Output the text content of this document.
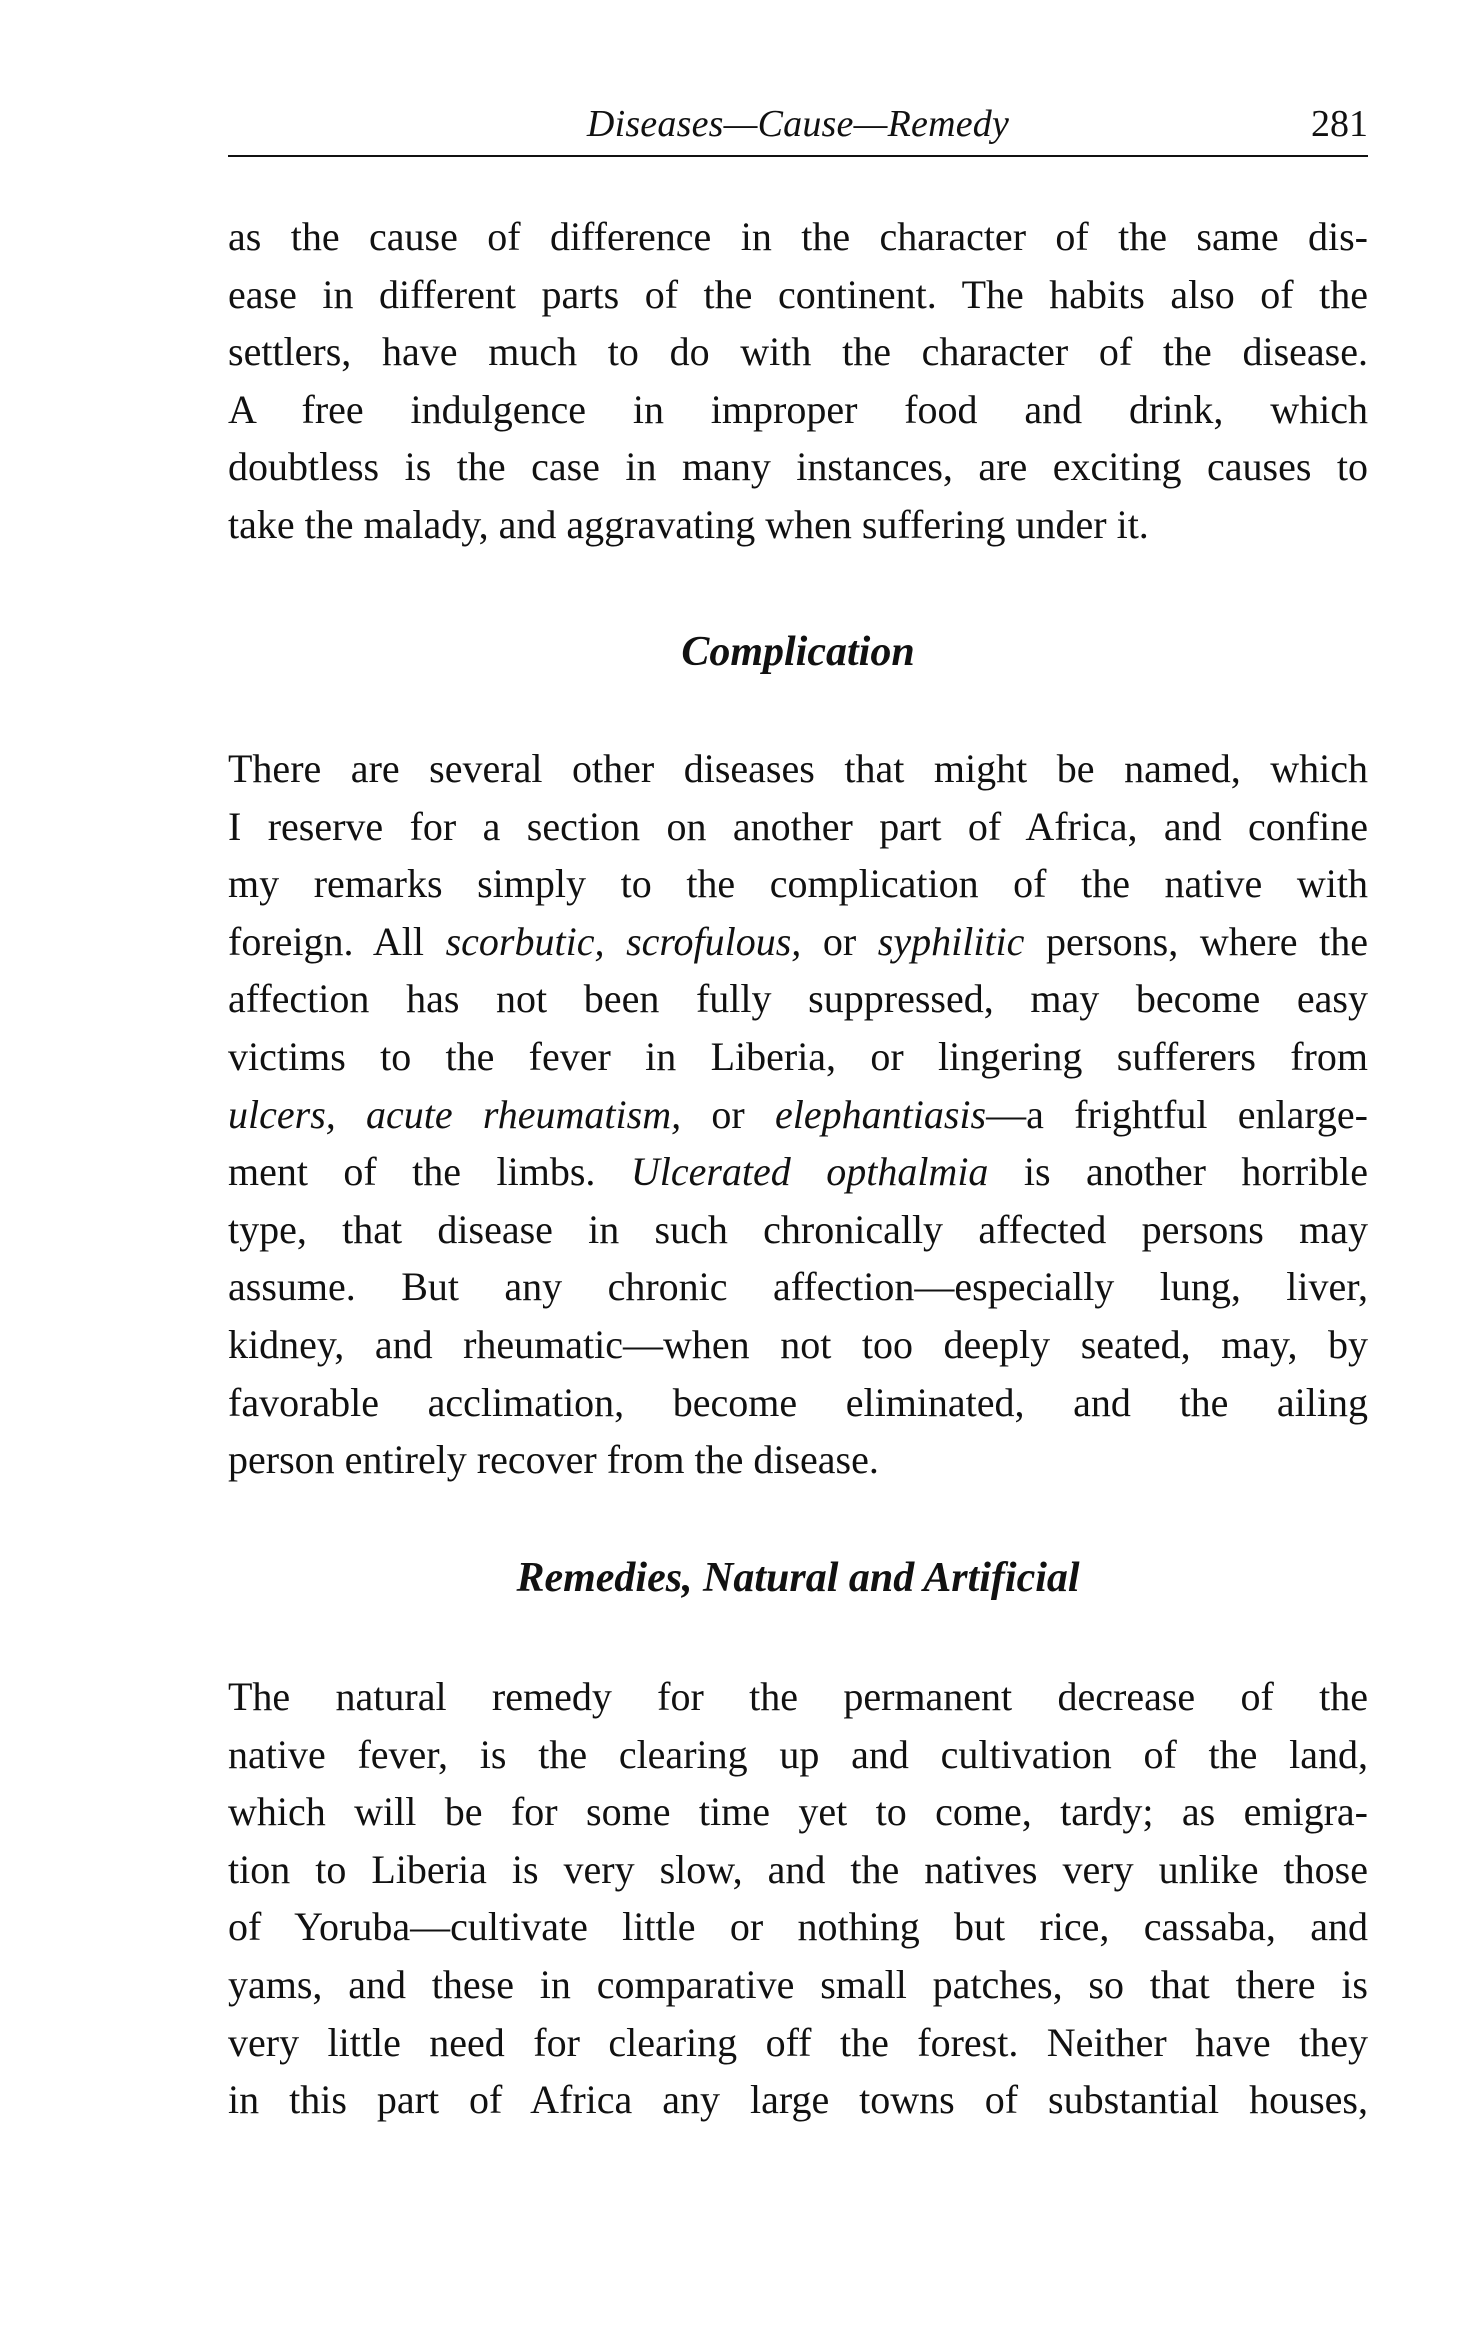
Diseases—Cause—Remedy	281
as the cause of difference in the character of the same dis-
ease in different parts of the continent. The habits also of the
settlers, have much to do with the character of the disease.
A free indulgence in improper food and drink, which
doubtless is the case in many instances, are exciting causes to
take the malady, and aggravating when suffering under it.
Complication
There are several other diseases that might be named, which
I reserve for a section on another part of Africa, and confine
my remarks simply to the complication of the native with
foreign. All scorbutic, scrofulous, or syphilitic persons, where the
affection has not been fully suppressed, may become easy
victims to the fever in Liberia, or lingering sufferers from
ulcers, acute rheumatism, or elephantiasis—a frightful enlarge-
ment of the limbs. Ulcerated opthalmia is another horrible
type, that disease in such chronically affected persons may
assume. But any chronic affection—especially lung, liver,
kidney, and rheumatic—when not too deeply seated, may, by
favorable acclimation, become eliminated, and the ailing
person entirely recover from the disease.
Remedies, Natural and Artificial
The natural remedy for the permanent decrease of the
native fever, is the clearing up and cultivation of the land,
which will be for some time yet to come, tardy; as emigra-
tion to Liberia is very slow, and the natives very unlike those
of Yoruba—cultivate little or nothing but rice, cassaba, and
yams, and these in comparative small patches, so that there is
very little need for clearing off the forest. Neither have they
in this part of Africa any large towns of substantial houses,
